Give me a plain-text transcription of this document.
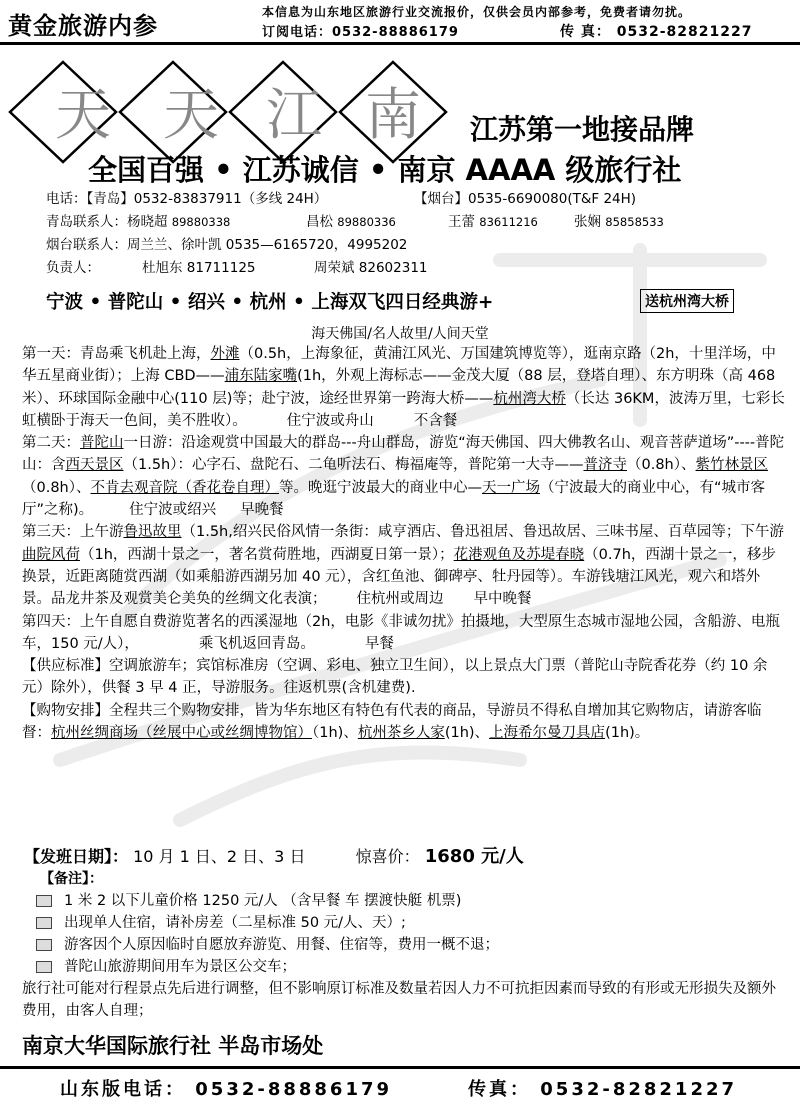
黄金旅游内参	本信息为山东地区旅游行业交流报价，仅供会员内部参考，免费者请勿扰。
订阅电话：0532-88886179	传 真： 0532-82821227
天 天 江 南 江苏第一地接品牌
全国百强 • 江苏诚信 • 南京 AAAA 级旅行社
电话：【青岛】0532-83837911（多线 24H）	【烟台】0535-6690080(T&F 24H)
青岛联系人：杨晓超 89880338	昌松 89880336	王蕾 83611216	张娴 85858533
烟台联系人：周兰兰、徐叶凯 0535—6165720，4995202
负责人：	杜旭东 81711125	周荣斌 82602311
宁波 • 普陀山 • 绍兴 • 杭州 • 上海双飞四日经典游+	送杭州湾大桥
海天佛国/名人故里/人间天堂

第一天：青岛乘飞机赴上海，外滩（0.5h，上海象征，黄浦江风光、万国建筑博览等），逛南京路（2h，十里洋场，中华五星商业街）；上海 CBD——浦东陆家嘴(1h，外观上海标志——金茂大厦（88 层，登塔自理）、东方明珠（高 468 米）、环球国际金融中心(110 层)等；赴宁波，途经世界第一跨海大桥——杭州湾大桥（长达 36KM，波涛万里，七彩长虹横卧于海天一色间，美不胜收）。	住宁波或舟山	不含餐

第二天：普陀山一日游：沿途观赏中国最大的群岛---舟山群岛，游览“海天佛国、四大佛教名山、观音菩萨道场”----普陀山：含西天景区（1.5h）：心字石、盘陀石、二龟听法石、梅福庵等，普陀第一大寺——普济寺（0.8h）、紫竹林景区（0.8h）、不肯去观音院（香花卷自理）等。晚逛宁波最大的商业中心—天一广场（宁波最大的商业中心，有“城市客厅”之称)。 住宁波或绍兴 早晚餐

第三天：上午游鲁迅故里（1.5h,绍兴民俗风情一条街：咸亨酒店、鲁迅祖居、鲁迅故居、三味书屋、百草园等；下午游曲院风荷（1h，西湖十景之一，著名赏荷胜地，西湖夏日第一景）；花港观鱼及苏堤春晓（0.7h，西湖十景之一，移步换景，近距离随赏西湖（如乘船游西湖另加 40 元），含红鱼池、御碑亭、牡丹园等）。车游钱塘江风光，观六和塔外景。品龙井茶及观赏美仑美奂的丝绸文化表演； 住杭州或周边 早中晚餐

第四天：上午自愿自费游览著名的西溪湿地（2h，电影《非诚勿扰》拍摄地，大型原生态城市湿地公园，含船游、电瓶车，150 元/人），	乘飞机返回青岛。	早餐

【供应标准】空调旅游车；宾馆标准房（空调、彩电、独立卫生间），以上景点大门票（普陀山寺院香花券（约 10 余元）除外），供餐 3 早 4 正，导游服务。往返机票(含机建费).

【购物安排】全程共三个购物安排，皆为华东地区有特色有代表的商品，导游员不得私自增加其它购物店，请游客临督：杭州丝绸商场（丝展中心或丝绸博物馆）（1h)、杭州茶乡人家(1h)、上海希尔曼刀具店(1h)。

【发班日期】： 10 月 1 日、2 日、3 日	惊喜价： 1680 元/人
【备注】：
1 米 2 以下儿童价格 1250 元/人 （含早餐 车 摆渡快艇 机票)
出现单人住宿，请补房差（二星标准 50 元/人、天）;
游客因个人原因临时自愿放弃游览、用餐、住宿等，费用一概不退；
普陀山旅游期间用车为景区公交车；
旅行社可能对行程景点先后进行调整，但不影响原订标准及数量若因人力不可抗拒因素而导致的有形或无形损失及额外费用，由客人自理；
南京大华国际旅行社 半岛市场处
山东版电话： 0532-88886179	传真： 0532-82821227
